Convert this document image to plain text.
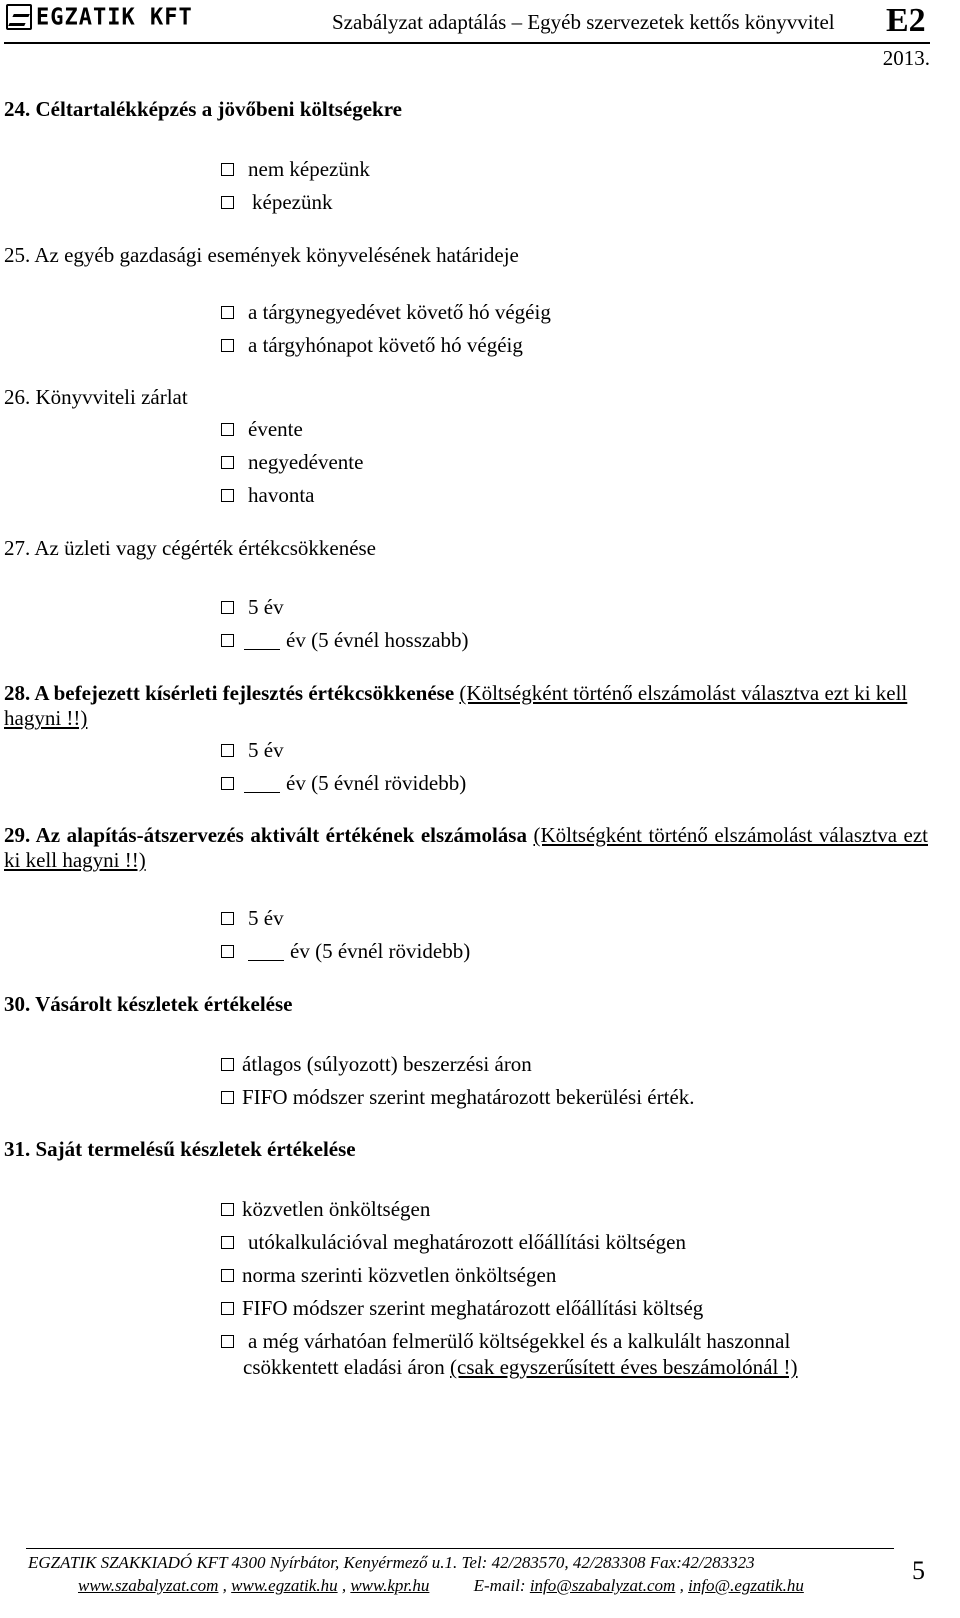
EGZATIK KFT	Szabályzat adaptálás – Egyéb szervezetek kettős könyvvitel E2
2013.
24. Céltartalékképzés a jövőbeni költségekre
nem képezünk
képezünk
25. Az egyéb gazdasági események könyvelésének határideje
a tárgynegyedévet követő hó végéig
a tárgyhónapot követő hó végéig
26. Könyvviteli zárlat
évente
negyedévente
havonta
27. Az üzleti vagy cégérték értékcsökkenése
5 év
év (5 évnél hosszabb)
28. A befejezett kísérleti fejlesztés értékcsökkenése (Költségként történő elszámolást választva ezt ki kell hagyni !!)
5 év
év (5 évnél rövidebb)
29. Az alapítás-átszervezés aktivált értékének elszámolása (Költségként történő elszámolást választva ezt ki kell hagyni !!)
5 év
év (5 évnél rövidebb)
30. Vásárolt készletek értékelése
átlagos (súlyozott) beszerzési áron
FIFO módszer szerint meghatározott bekerülési érték.
31. Saját termelésű készletek értékelése
közvetlen önköltségen
utókalkulációval meghatározott előállítási költségen
norma szerinti közvetlen önköltségen
FIFO módszer szerint meghatározott előállítási költség
a még várhatóan felmerülő költségekkel és a kalkulált haszonnal
csökkentett eladási áron (csak egyszerűsített éves beszámolónál !)
EGZATIK SZAKKIADÓ KFT 4300 Nyírbátor, Kenyérmező u.1. Tel: 42/283570, 42/283308 Fax:42/283323
www.szabalyzat.com , www.egzatik.hu , www.kpr.hu	E-mail: info@szabalyzat.com , info@.egzatik.hu
5
